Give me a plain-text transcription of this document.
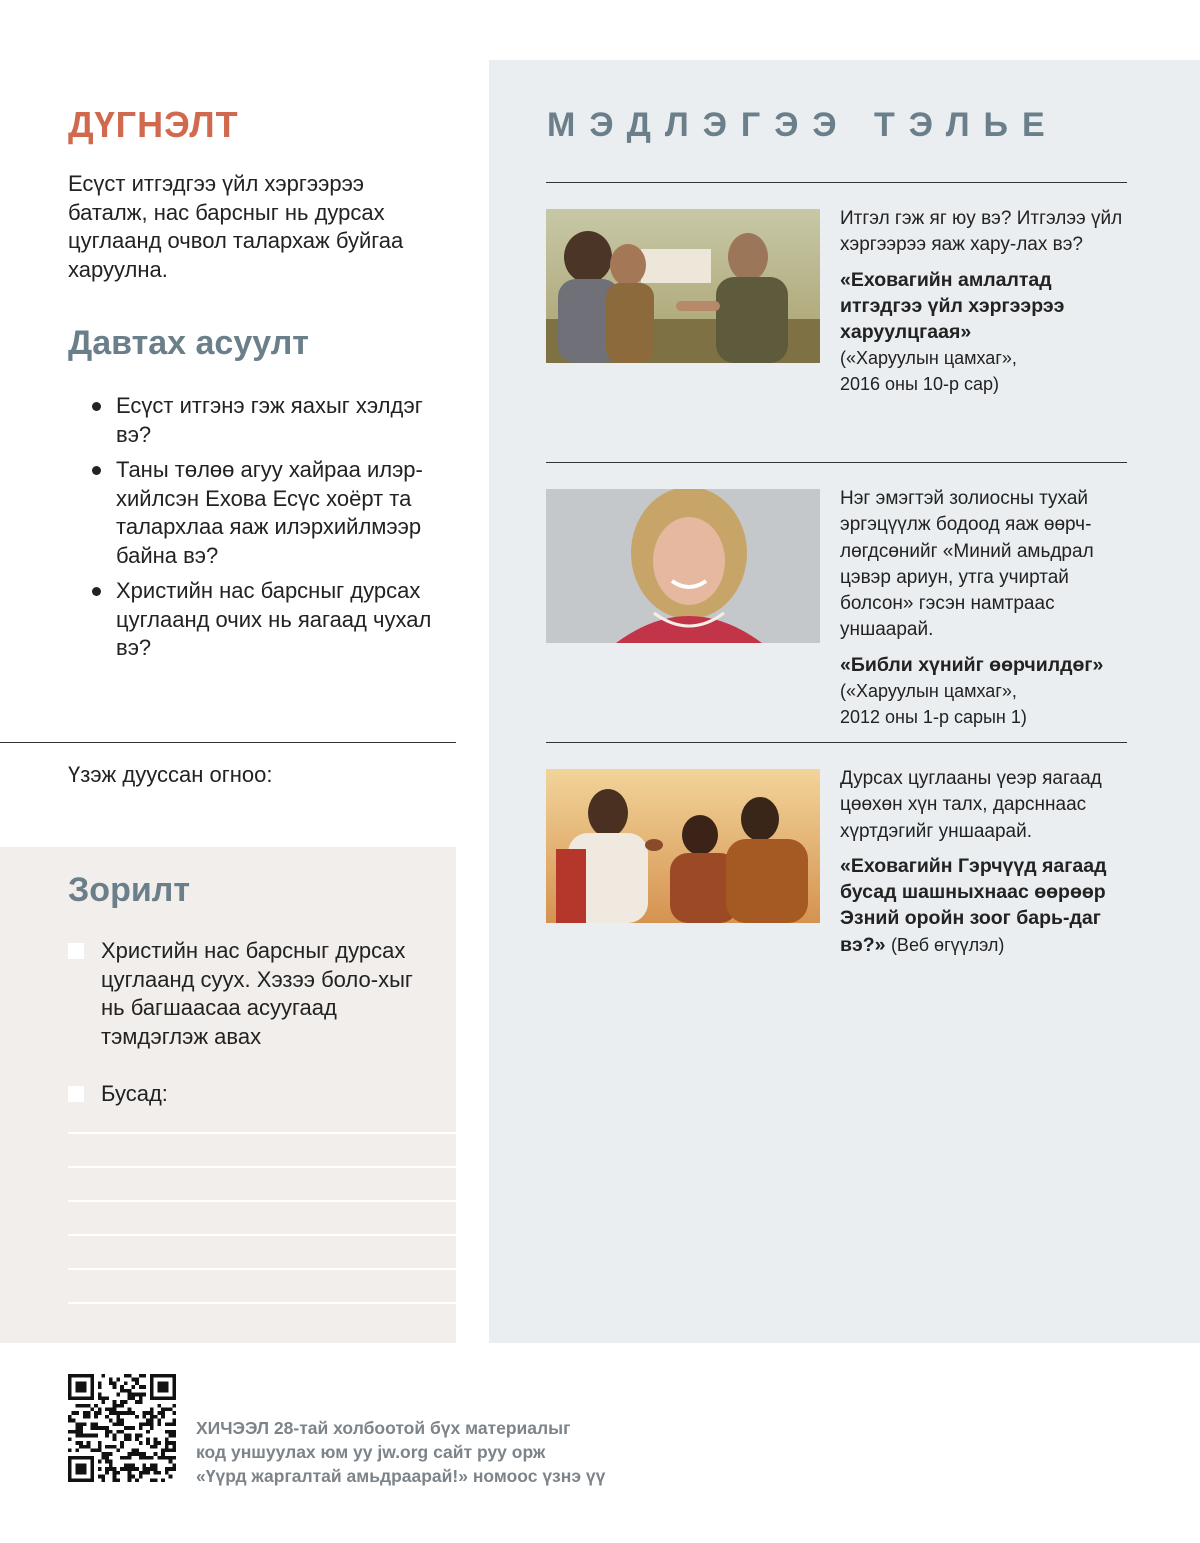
ДҮГНЭЛТ

Есүст итгэдгээ үйл хэргээрээ баталж, нас барсныг нь дурсах цуглаанд очвол талархаж буйгаа харуулна.

Давтах асуулт
Есүст итгэнэ гэж яахыг хэлдэг вэ?
Таны төлөө агуу хайраа илэр-хийлсэн Ехова Есүс хоёрт та талархлаа яаж илэрхийлмээр байна вэ?
Христийн нас барсныг дурсах цуглаанд очих нь яагаад чухал вэ?
Үзэж дууссан огноо:
Зорилт
Христийн нас барсныг дурсах цуглаанд суух. Хэзээ боло-хыг нь багшаасаа асуугаад тэмдэглэж авах
Бусад:
МЭДЛЭГЭЭ ТЭЛЬЕ
Итгэл гэж яг юу вэ? Итгэлээ үйл хэргээрээ яаж хару-лах вэ?
«Еховагийн амлалтад итгэдгээ үйл хэргээрээ харуулцгаая»
(«Харуулын цамхаг»,
2016 оны 10-р сар)
Нэг эмэгтэй золиосны тухай эргэцүүлж бодоод яаж өөрч-лөгдсөнийг «Миний амьдрал цэвэр ариун, утга учиртай болсон» гэсэн намтраас уншаарай.
«Библи хүнийг өөрчилдөг»
(«Харуулын цамхаг»,
2012 оны 1-р сарын 1)
Дурсах цуглааны үеэр яагаад цөөхөн хүн талх, дарсннаас хүртдэгийг уншаарай.
«Еховагийн Гэрчүүд яагаад бусад шашныхнаас өөрөөр Эзний оройн зоог барь-даг вэ?» (Веб өгүүлэл)
ХИЧЭЭЛ 28-тай холбоотой бүх материалыг
код уншуулах юм уу jw.org сайт руу орж
«Үүрд жаргалтай амьдраарай!» номоос үзнэ үү
